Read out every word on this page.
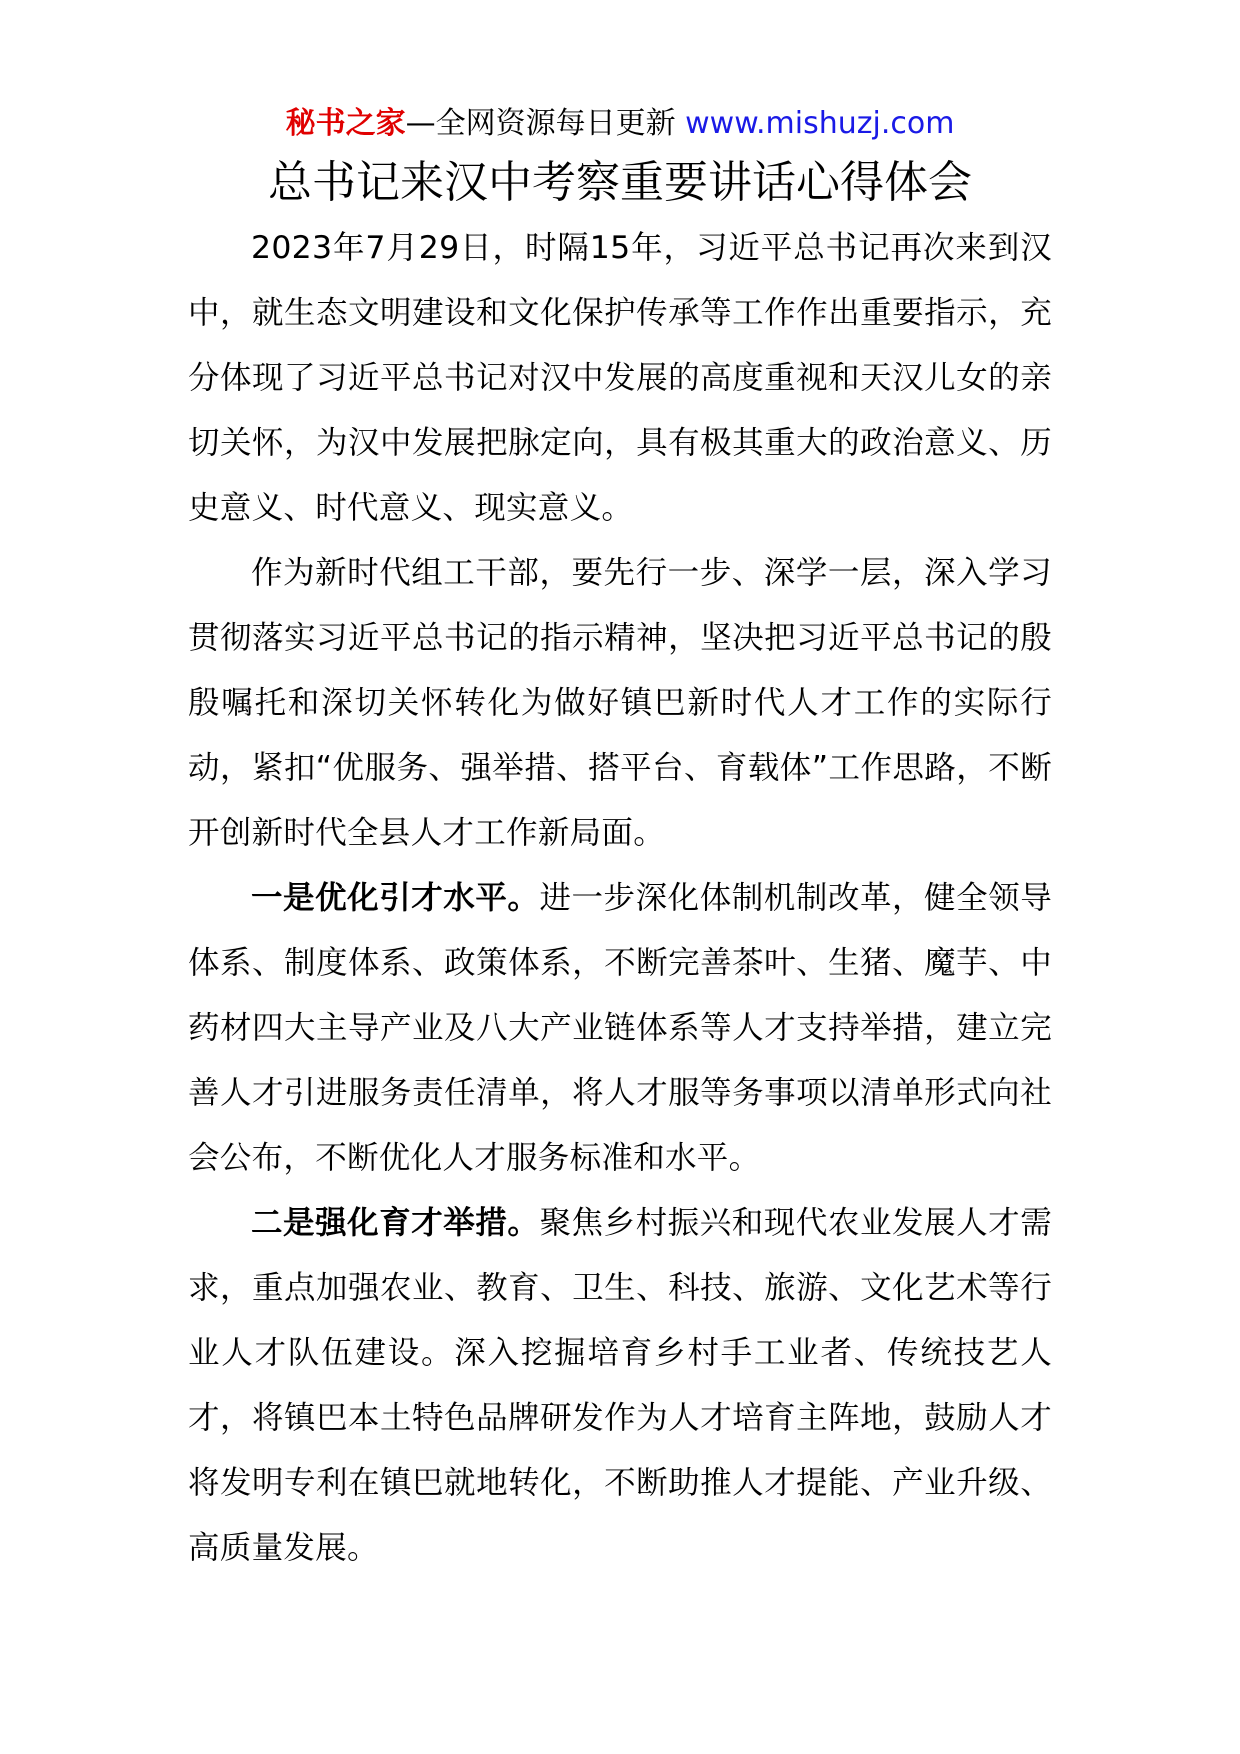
秘书之家—全网资源每日更新 www.mishuzj.com
总书记来汉中考察重要讲话心得体会

2023年7月29日，时隔15年，习近平总书记再次来到汉中，就生态文明建设和文化保护传承等工作作出重要指示，充分体现了习近平总书记对汉中发展的高度重视和天汉儿女的亲切关怀，为汉中发展把脉定向，具有极其重大的政治意义、历史意义、时代意义、现实意义。

作为新时代组工干部，要先行一步、深学一层，深入学习贯彻落实习近平总书记的指示精神，坚决把习近平总书记的殷殷嘱托和深切关怀转化为做好镇巴新时代人才工作的实际行动，紧扣“优服务、强举措、搭平台、育载体”工作思路，不断开创新时代全县人才工作新局面。

一是优化引才水平。进一步深化体制机制改革，健全领导体系、制度体系、政策体系，不断完善茶叶、生猪、魔芋、中药材四大主导产业及八大产业链体系等人才支持举措，建立完善人才引进服务责任清单，将人才服等务事项以清单形式向社会公布，不断优化人才服务标准和水平。

二是强化育才举措。聚焦乡村振兴和现代农业发展人才需求，重点加强农业、教育、卫生、科技、旅游、文化艺术等行业人才队伍建设。深入挖掘培育乡村手工业者、传统技艺人才，将镇巴本土特色品牌研发作为人才培育主阵地，鼓励人才将发明专利在镇巴就地转化，不断助推人才提能、产业升级、高质量发展。
